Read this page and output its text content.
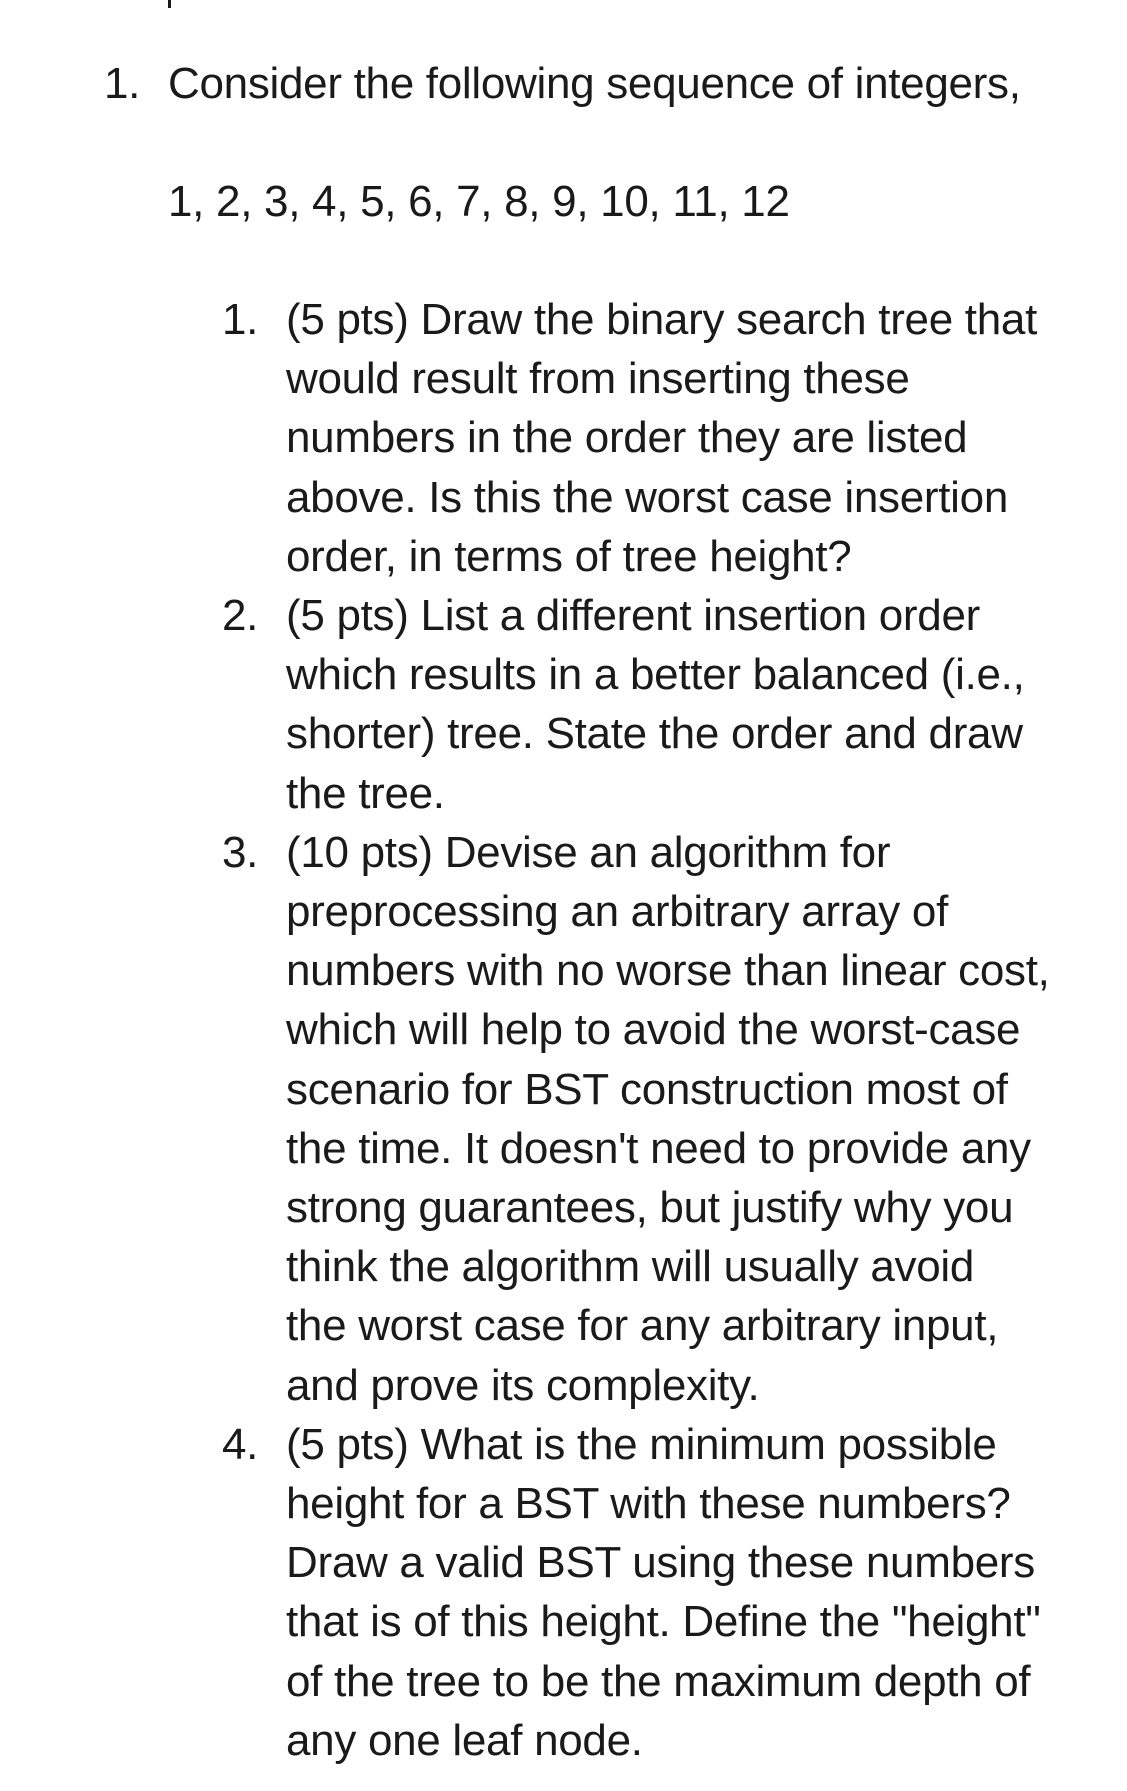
1. Consider the following sequence of integers,
1, 2, 3, 4, 5, 6, 7, 8, 9, 10, 11, 12
1. (5 pts) Draw the binary search tree that
would result from inserting these
numbers in the order they are listed
above. Is this the worst case insertion
order, in terms of tree height?
2. (5 pts) List a different insertion order
which results in a better balanced (i.e.,
shorter) tree. State the order and draw
the tree.
3. (10 pts) Devise an algorithm for
preprocessing an arbitrary array of
numbers with no worse than linear cost,
which will help to avoid the worst-case
scenario for BST construction most of
the time. It doesn't need to provide any
strong guarantees, but justify why you
think the algorithm will usually avoid
the worst case for any arbitrary input,
and prove its complexity.
4. (5 pts) What is the minimum possible
height for a BST with these numbers?
Draw a valid BST using these numbers
that is of this height. Define the "height"
of the tree to be the maximum depth of
any one leaf node.
